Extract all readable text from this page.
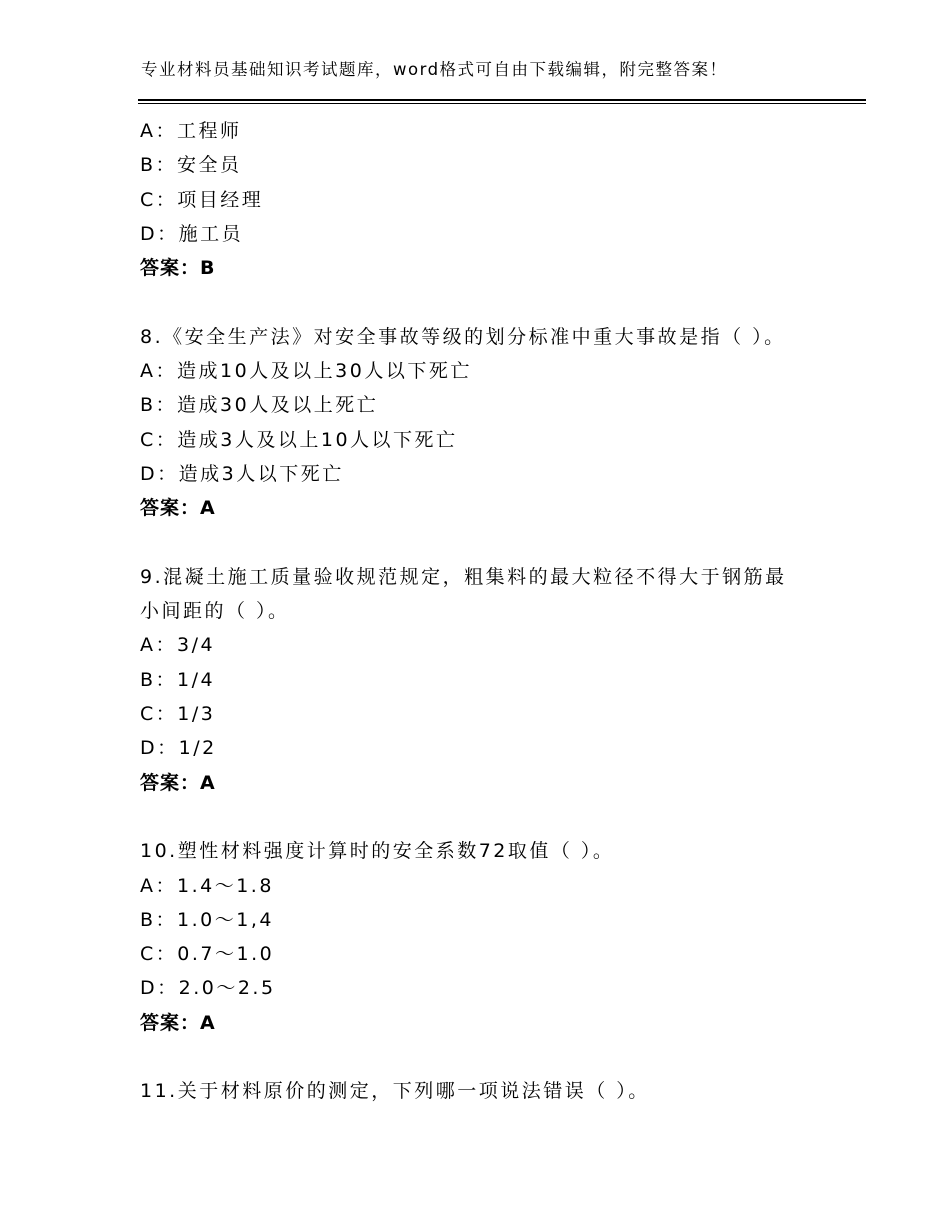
专业材料员基础知识考试题库，word格式可自由下载编辑，附完整答案！
A：工程师
B：安全员
C：项目经理
D：施工员
答案：B
8.《安全生产法》对安全事故等级的划分标准中重大事故是指（ ）。
A：造成10人及以上30人以下死亡
B：造成30人及以上死亡
C：造成3人及以上10人以下死亡
D：造成3人以下死亡
答案：A
9.混凝土施工质量验收规范规定，粗集料的最大粒径不得大于钢筋最
小间距的（ ）。
A：3/4
B：1/4
C：1/3
D：1/2
答案：A
10.塑性材料强度计算时的安全系数72取值（ ）。
A：1.4～1.8
B：1.0～1,4
C：0.7～1.0
D：2.0～2.5
答案：A
11.关于材料原价的测定，下列哪一项说法错误（ ）。
